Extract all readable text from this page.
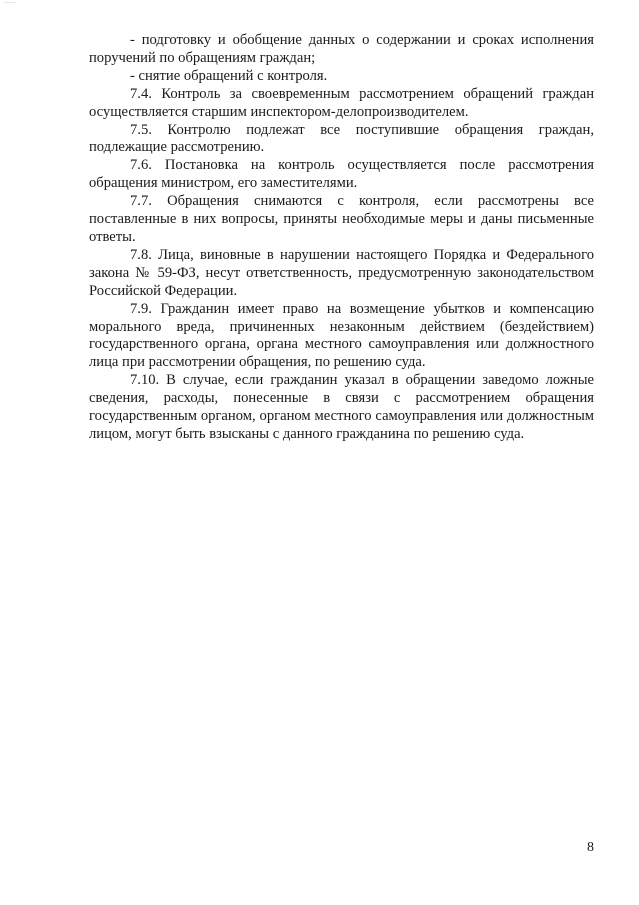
- подготовку и обобщение данных о содержании и сроках исполнения поручений по обращениям граждан;

- снятие обращений с контроля.

7.4. Контроль за своевременным рассмотрением обращений граждан осуществляется старшим инспектором-делопроизводителем.

7.5. Контролю подлежат все поступившие обращения граждан, подлежащие рассмотрению.

7.6. Постановка на контроль осуществляется после рассмотрения обращения министром, его заместителями.

7.7. Обращения снимаются с контроля, если рассмотрены все поставленные в них вопросы, приняты необходимые меры и даны письменные ответы.

7.8. Лица, виновные в нарушении настоящего Порядка и Федерального закона № 59-ФЗ, несут ответственность, предусмотренную законодательством Российской Федерации.

7.9. Гражданин имеет право на возмещение убытков и компенсацию морального вреда, причиненных незаконным действием (бездействием) государственного органа, органа местного самоуправления или должностного лица при рассмотрении обращения, по решению суда.

7.10. В случае, если гражданин указал в обращении заведомо ложные сведения, расходы, понесенные в связи с рассмотрением обращения государственным органом, органом местного самоуправления или должностным лицом, могут быть взысканы с данного гражданина по решению суда.

8
